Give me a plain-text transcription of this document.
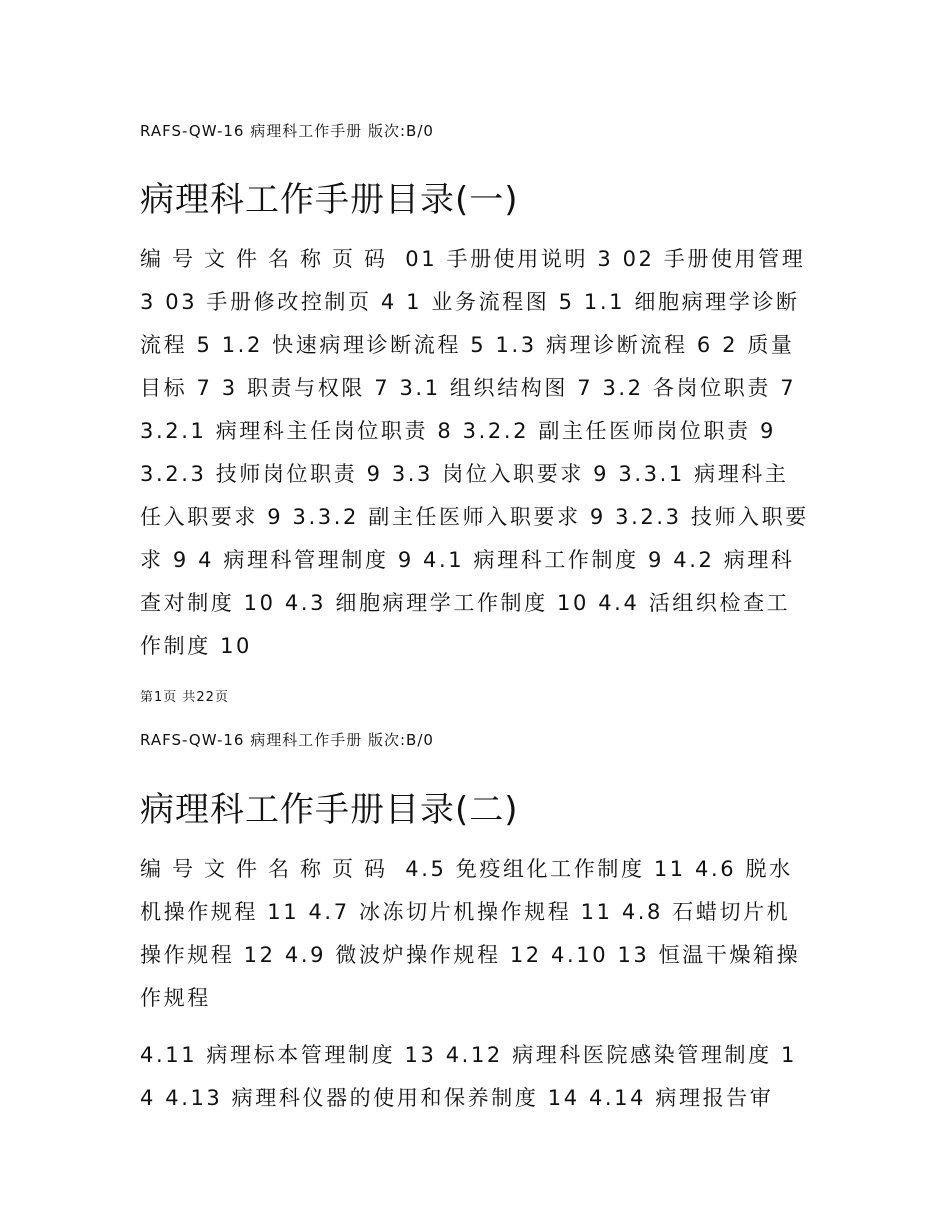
RAFS-QW-16 病理科工作手册 版次:B/0
病理科工作手册目录(一)

编号文件名称页码 01 手册使用说明 3 02 手册使用管理 3 03 手册修改控制页 4 1 业务流程图 5 1.1 细胞病理学诊断流程 5 1.2 快速病理诊断流程 5 1.3 病理诊断流程 6 2 质量目标 7 3 职责与权限 7 3.1 组织结构图 7 3.2 各岗位职责 7 3.2.1 病理科主任岗位职责 8 3.2.2 副主任医师岗位职责 9 3.2.3 技师岗位职责 9 3.3 岗位入职要求 9 3.3.1 病理科主任入职要求 9 3.3.2 副主任医师入职要求 9 3.2.3 技师入职要求 9 4 病理科管理制度 9 4.1 病理科工作制度 9 4.2 病理科查对制度 10 4.3 细胞病理学工作制度 10 4.4 活组织检查工作制度 10

第1页 共22页
RAFS-QW-16 病理科工作手册 版次:B/0
病理科工作手册目录(二)

编号文件名称页码 4.5 免疫组化工作制度 11 4.6 脱水机操作规程 11 4.7 冰冻切片机操作规程 11 4.8 石蜡切片机操作规程 12 4.9 微波炉操作规程 12 4.10 13 恒温干燥箱操作规程

4.11 病理标本管理制度 13 4.12 病理科医院感染管理制度 14 4.13 病理科仪器的使用和保养制度 14 4.14 病理报告审
